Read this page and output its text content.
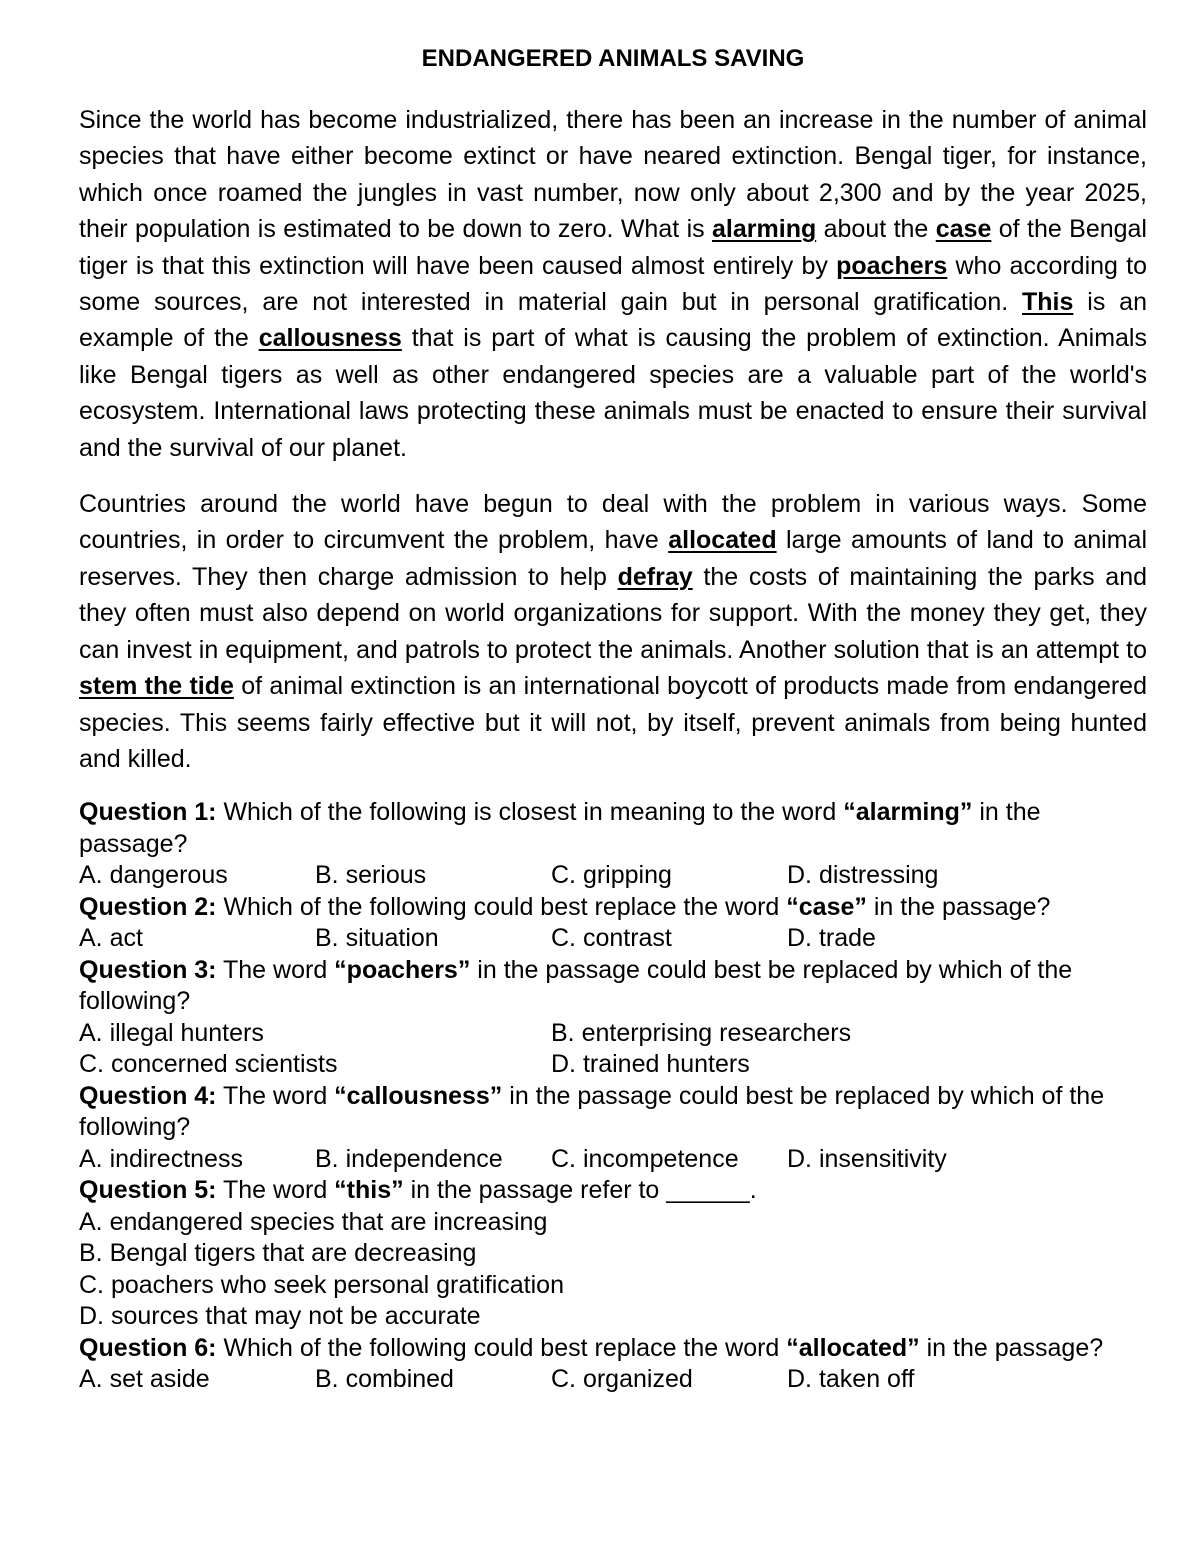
ENDANGERED ANIMALS SAVING

Since the world has become industrialized, there has been an increase in the number of animal species that have either become extinct or have neared extinction. Bengal tiger, for instance, which once roamed the jungles in vast number, now only about 2,300 and by the year 2025, their population is estimated to be down to zero. What is alarming about the case of the Bengal tiger is that this extinction will have been caused almost entirely by poachers who according to some sources, are not interested in material gain but in personal gratification. This is an example of the callousness that is part of what is causing the problem of extinction. Animals like Bengal tigers as well as other endangered species are a valuable part of the world's ecosystem. International laws protecting these animals must be enacted to ensure their survival and the survival of our planet.

Countries around the world have begun to deal with the problem in various ways. Some countries, in order to circumvent the problem, have allocated large amounts of land to animal reserves. They then charge admission to help defray the costs of maintaining the parks and they often must also depend on world organizations for support. With the money they get, they can invest in equipment, and patrols to protect the animals. Another solution that is an attempt to stem the tide of animal extinction is an international boycott of products made from endangered species. This seems fairly effective but it will not, by itself, prevent animals from being hunted and killed.

Question 1: Which of the following is closest in meaning to the word “alarming” in the passage?
A. dangerous	B. serious	C. gripping	D. distressing
Question 2: Which of the following could best replace the word “case” in the passage?
A. act	B. situation	C. contrast	D. trade
Question 3: The word “poachers” in the passage could best be replaced by which of the following?
A. illegal hunters	B. enterprising researchers
C. concerned scientists	D. trained hunters
Question 4: The word “callousness” in the passage could best be replaced by which of the following?
A. indirectness	B. independence	C. incompetence	D. insensitivity
Question 5: The word “this” in the passage refer to ______.
A. endangered species that are increasing
B. Bengal tigers that are decreasing
C. poachers who seek personal gratification
D. sources that may not be accurate
Question 6: Which of the following could best replace the word “allocated” in the passage?
A. set aside	B. combined	C. organized	D. taken off
